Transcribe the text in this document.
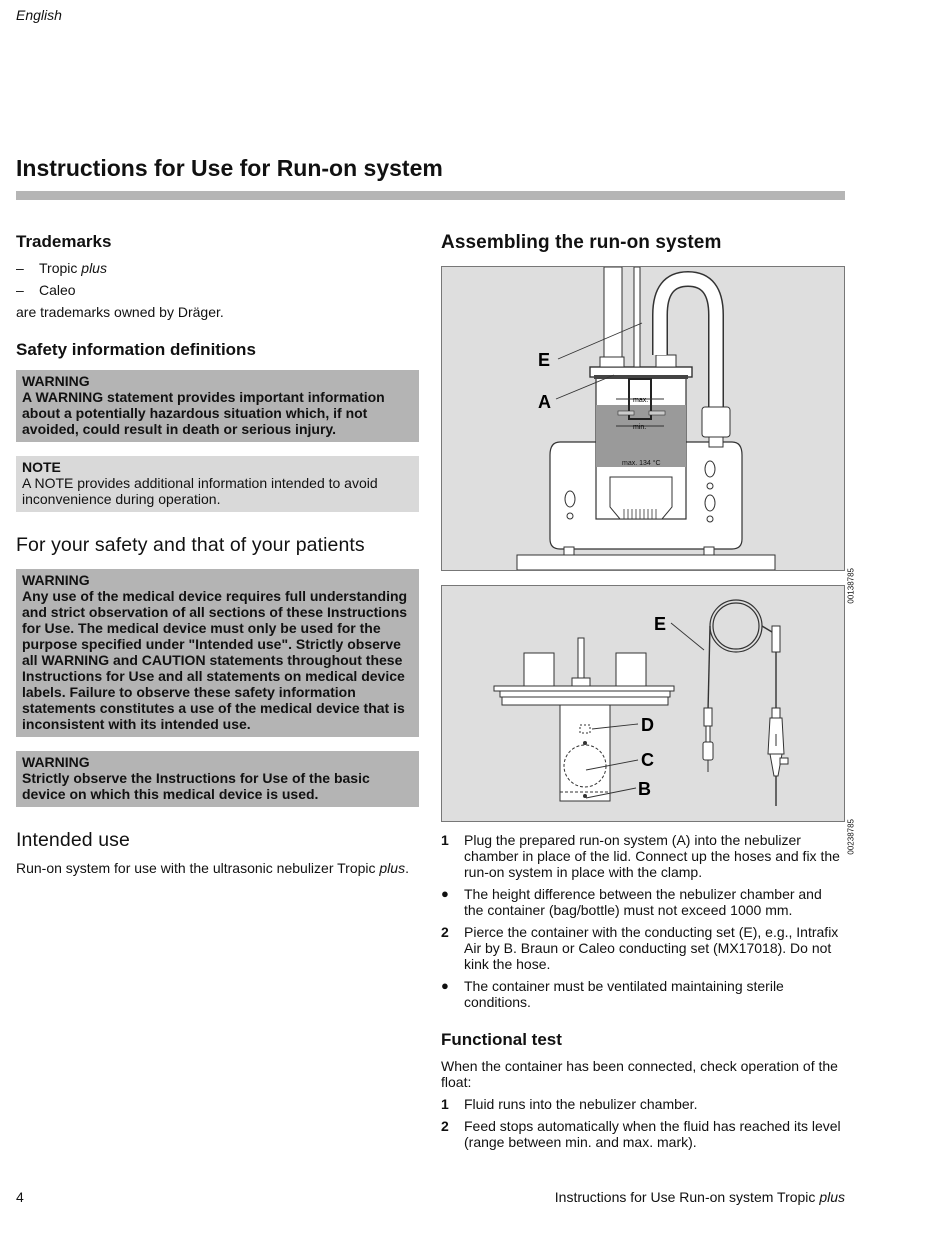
English
Instructions for Use for Run-on system
Trademarks
–	Tropic plus
–	Caleo

are trademarks owned by Dräger.

Safety information definitions
WARNING
A WARNING statement provides important information about a potentially hazardous situation which, if not avoided, could result in death or serious injury.
NOTE
A NOTE provides additional information intended to avoid inconvenience during operation.
For your safety and that of your patients
WARNING
Any use of the medical device requires full understanding and strict observation of all sections of these Instructions for Use. The medical device must only be used for the purpose specified under "Intended use". Strictly observe all WARNING and CAUTION statements throughout these Instructions for Use and all statements on medical device labels. Failure to observe these safety information statements constitutes a use of the medical device that is inconsistent with its intended use.
WARNING
Strictly observe the Instructions for Use of the basic device on which this medical device is used.
Intended use

Run-on system for use with the ultrasonic nebulizer Tropic plus.

Assembling the run-on system
max. 134 °C
max.
min.
E
A
00138785
D
C
B
E
00238785
1	Plug the prepared run-on system (A) into the nebulizer chamber in place of the lid. Connect up the hoses and fix the run-on system in place with the clamp.
●	The height difference between the nebulizer chamber and the container (bag/bottle) must not exceed 1000 mm.
2	Pierce the container with the conducting set (E), e.g., Intrafix Air by B. Braun or Caleo conducting set (MX17018). Do not kink the hose.
●	The container must be ventilated maintaining sterile conditions.
Functional test

When the container has been connected, check operation of the float:

1	Fluid runs into the nebulizer chamber.
2	Feed stops automatically when the fluid has reached its level (range between min. and max. mark).
4	Instructions for Use Run-on system Tropic plus
